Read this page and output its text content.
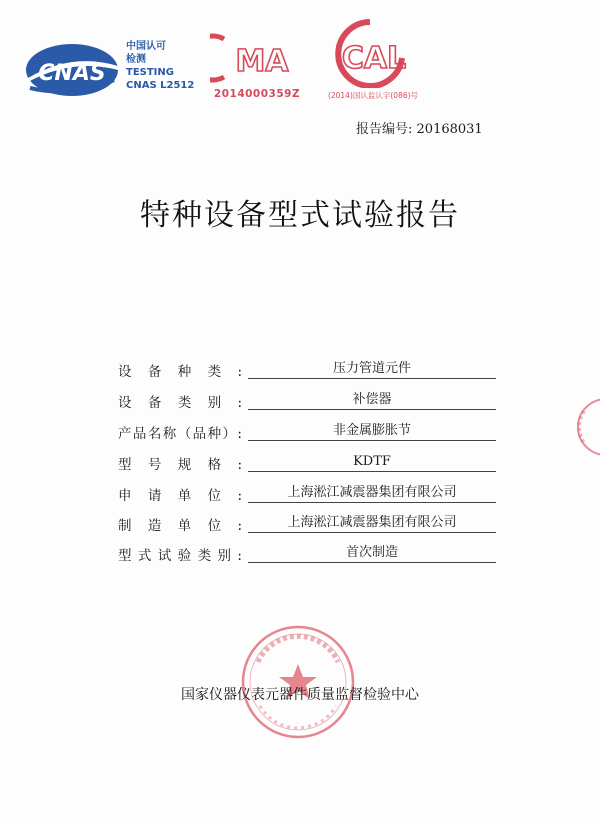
CNAS
中国认可
检测
TESTING
CNAS L2512
MA
2014000359Z
CAL
(2014)国认监认字(086)号
报告编号: 20168031
特种设备型式试验报告
设 备 种 类 :	压力管道元件
设 备 类 别 :	补偿器
产品名称（品种）:	非金属膨胀节
型 号 规 格 :	KDTF
申 请 单 位 :	上海淞江减震器集团有限公司
制 造 单 位 :	上海淞江减震器集团有限公司
型式试验类别:	首次制造
国家仪器仪表元器件质量监督检验中心
